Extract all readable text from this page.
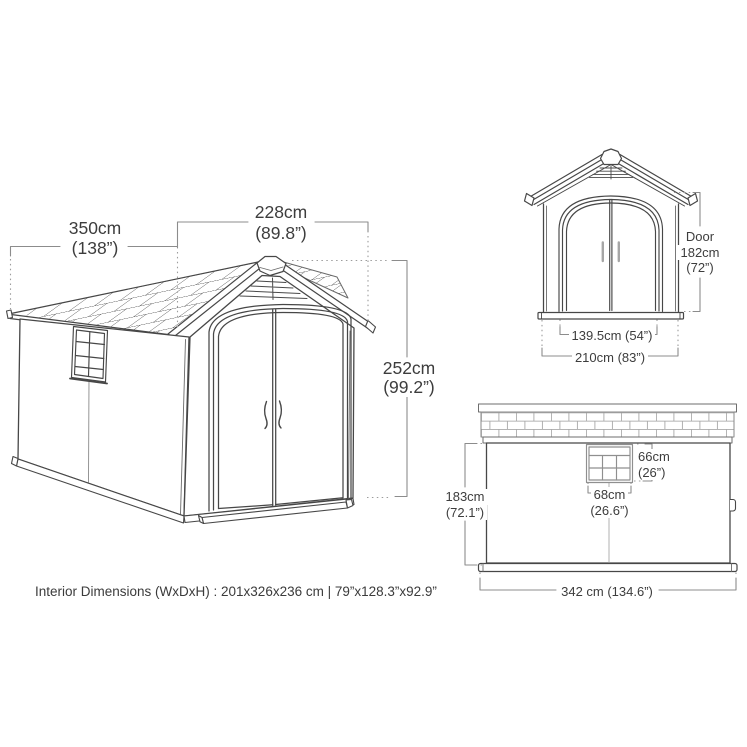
350cm
(138”)
228cm
(89.8”)
252cm
(99.2”)
Door
182cm
(72”)
139.5cm (54”)
210cm (83”)
183cm
(72.1”)
66cm
(26”)
68cm
(26.6”)
342 cm (134.6”)
Interior Dimensions (WxDxH) : 201x326x236 cm | 79”x128.3”x92.9”
